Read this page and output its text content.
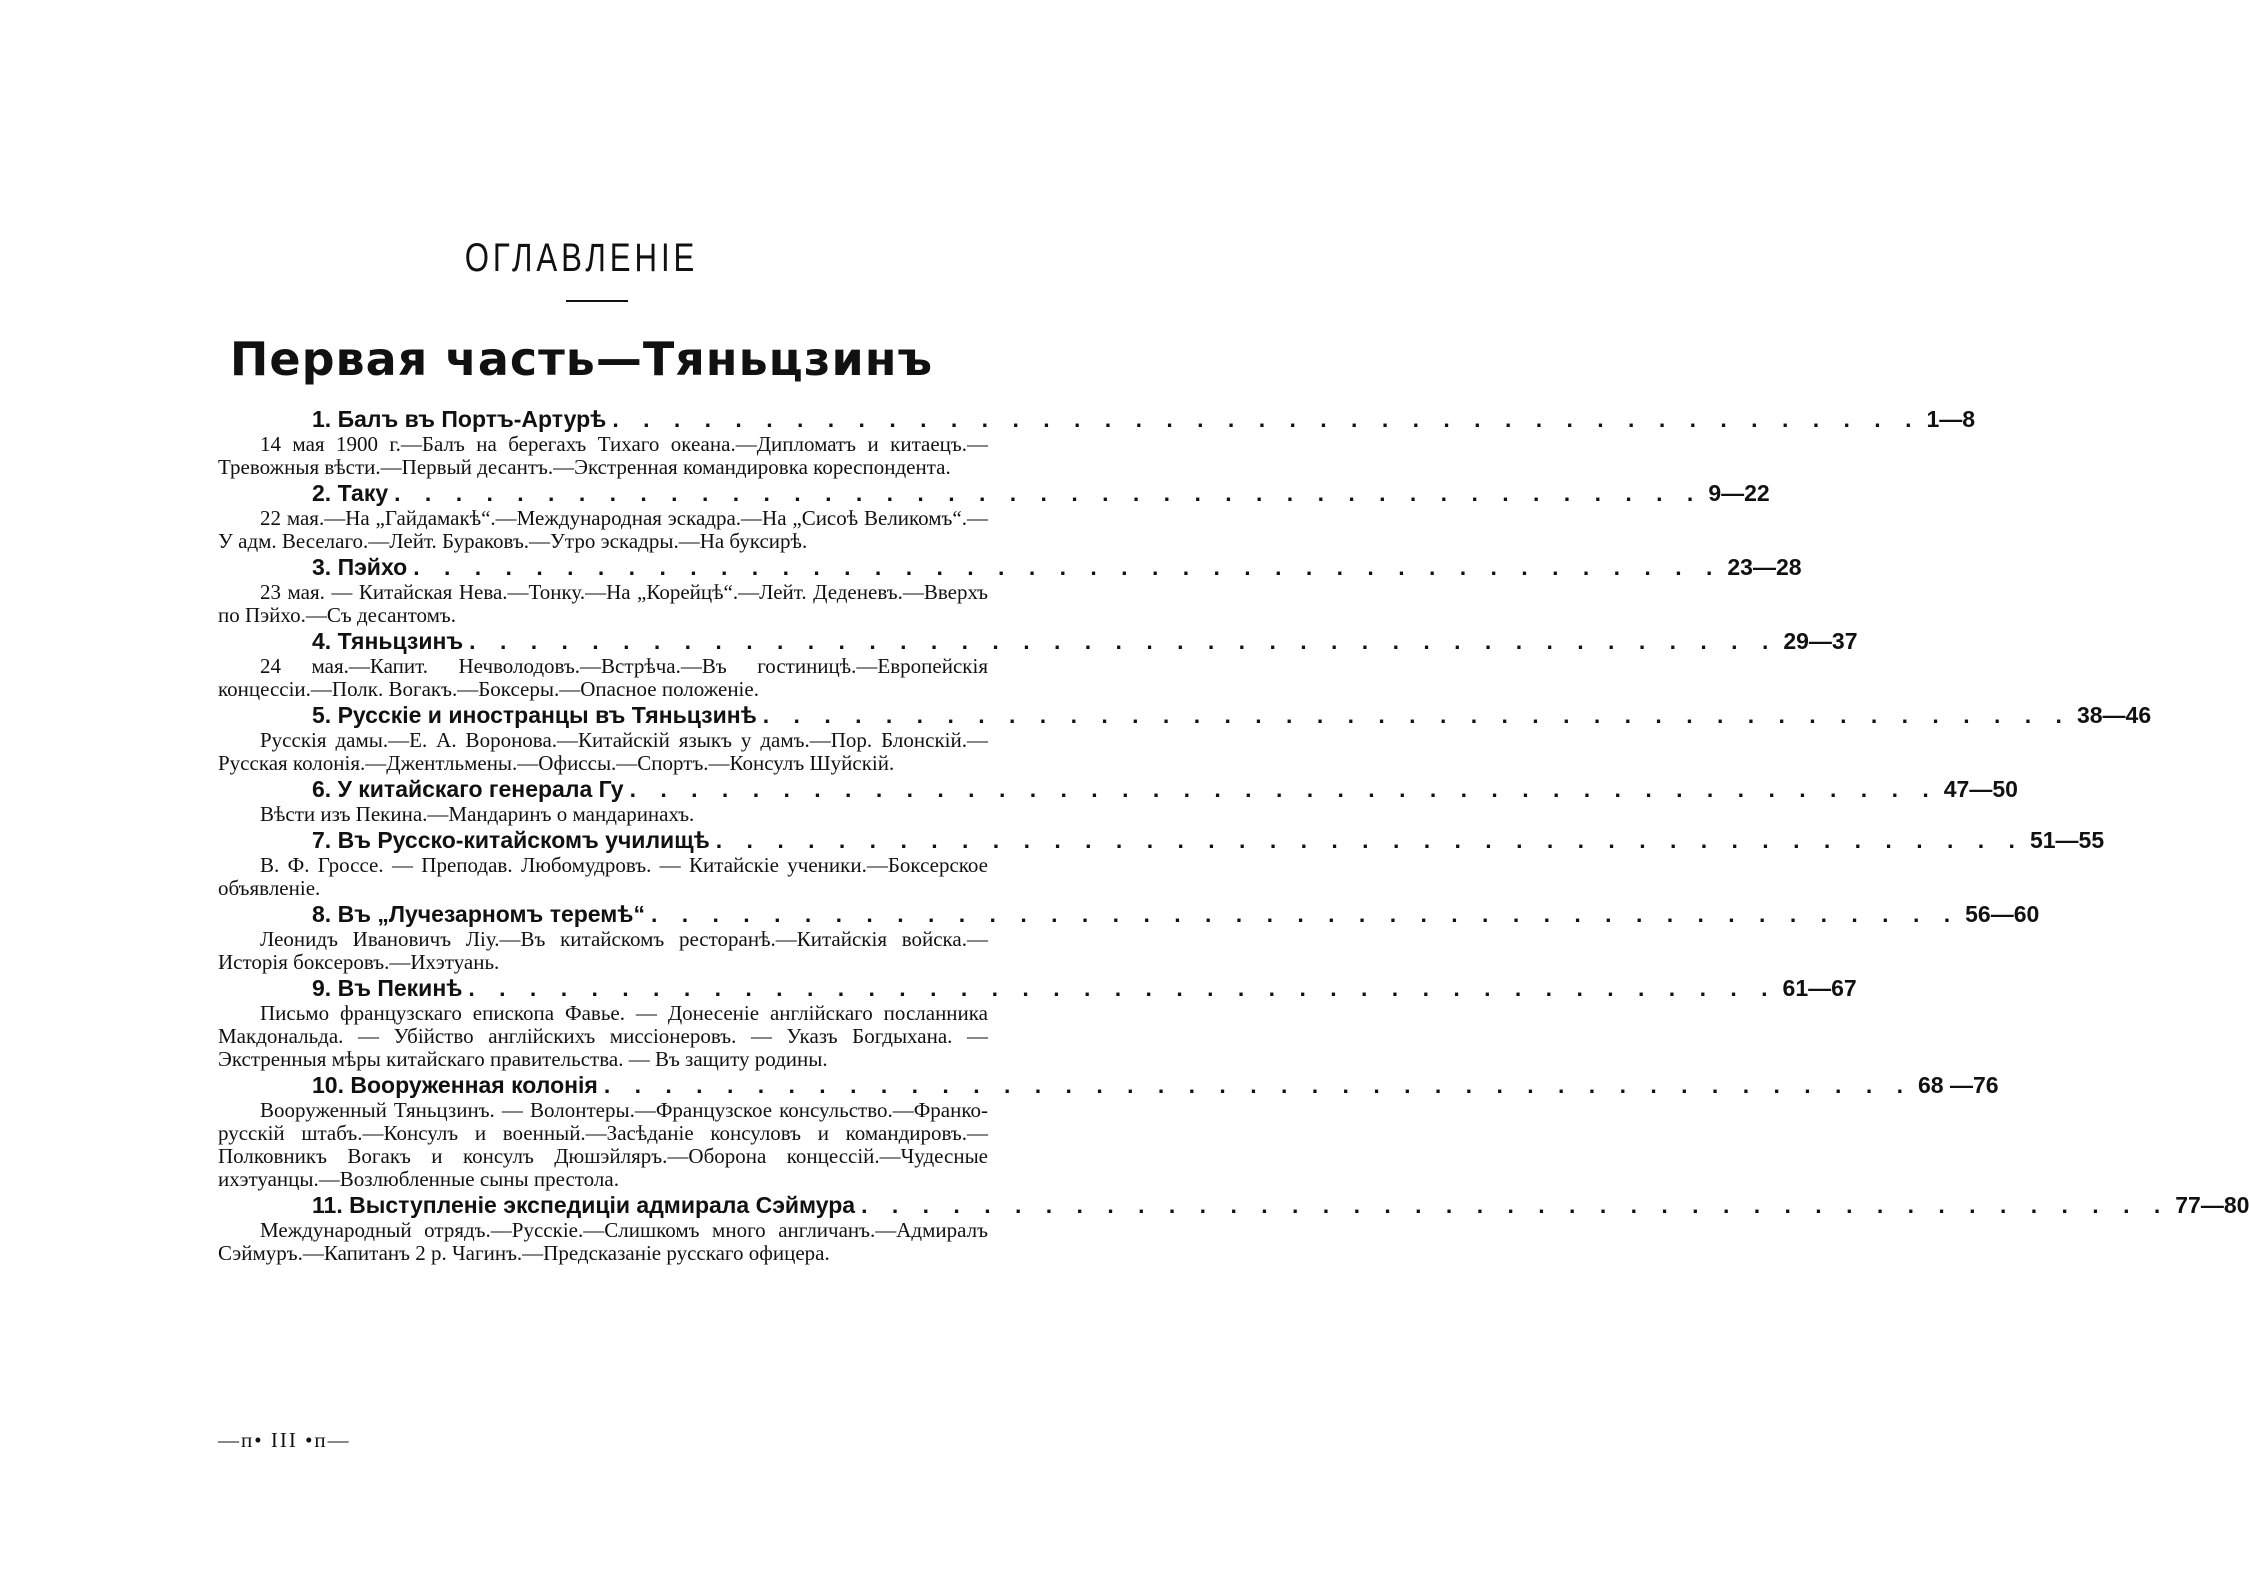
ОГЛАВЛЕНІЕ
Первая часть—Тяньцзинъ
1. Балъ въ Портъ-Артурѣ . . . . . . . . . . . . . . . . . . . . . . . . . . . . . . . . . . . . . . . . . . . 1—8

14 мая 1900 г.—Балъ на берегахъ Тихаго океана.—Дипломатъ и китаецъ.—Тревожныя вѣсти.—Первый десантъ.—Экстренная командировка кореспондента.

2. Таку . . . . . . . . . . . . . . . . . . . . . . . . . . . . . . . . . . . . . . . . . . . 9—22

22 мая.—На „Гайдамакѣ“.—Международная эскадра.—На „Сисоѣ Великомъ“.—У адм. Веселаго.—Лейт. Бураковъ.—Утро эскадры.—На буксирѣ.

3. Пэйхо . . . . . . . . . . . . . . . . . . . . . . . . . . . . . . . . . . . . . . . . . . . 23—28

23 мая. — Китайская Нева.—Тонку.—На „Корейцѣ“.—Лейт. Деденевъ.—Вверхъ по Пэйхо.—Съ десантомъ.

4. Тяньцзинъ . . . . . . . . . . . . . . . . . . . . . . . . . . . . . . . . . . . . . . . . . . . 29—37

24 мая.—Капит. Нечволодовъ.—Встрѣча.—Въ гостиницѣ.—Европейскія концессіи.—Полк. Вогакъ.—Боксеры.—Опасное положеніе.

5. Русскіе и иностранцы въ Тяньцзинѣ . . . . . . . . . . . . . . . . . . . . . . . . . . . . . . . . . . . . . . . . . . . 38—46

Русскія дамы.—Е. А. Воронова.—Китайскій языкъ у дамъ.—Пор. Блонскій.—Русская колонія.—Джентльмены.—Офиссы.—Спортъ.—Консулъ Шуйскій.

6. У китайскаго генерала Гу . . . . . . . . . . . . . . . . . . . . . . . . . . . . . . . . . . . . . . . . . . . 47—50

Вѣсти изъ Пекина.—Мандаринъ о мандаринахъ.

7. Въ Русско-китайскомъ училищѣ . . . . . . . . . . . . . . . . . . . . . . . . . . . . . . . . . . . . . . . . . . . 51—55

В. Ф. Гроссе. — Преподав. Любомудровъ. — Китайскіе ученики.—Боксерское объявленіе.

8. Въ „Лучезарномъ теремѣ“ . . . . . . . . . . . . . . . . . . . . . . . . . . . . . . . . . . . . . . . . . . . 56—60

Леонидъ Ивановичъ Ліу.—Въ китайскомъ ресторанѣ.—Китайскія войска.—Исторія боксеровъ.—Ихэтуань.

9. Въ Пекинѣ . . . . . . . . . . . . . . . . . . . . . . . . . . . . . . . . . . . . . . . . . . . 61—67

Письмо французскаго епископа Фавье. — Донесеніе англійскаго посланника Макдональда. — Убійство англійскихъ миссіонеровъ. — Указъ Богдыхана. — Экстренныя мѣры китайскаго правительства. — Въ защиту родины.

10. Вооруженная колонія . . . . . . . . . . . . . . . . . . . . . . . . . . . . . . . . . . . . . . . . . . . 68 —76

Вооруженный Тяньцзинъ. — Волонтеры.—Французское консульство.—Франко-русскій штабъ.—Консулъ и военный.—Засѣданіе консуловъ и командировъ.—Полковникъ Вогакъ и консулъ Дюшэйляръ.—Оборона концессій.—Чудесные ихэтуанцы.—Возлюбленные сыны престола.

11. Выступленіе экспедиціи адмирала Сэймура . . . . . . . . . . . . . . . . . . . . . . . . . . . . . . . . . . . . . . . . . . . 77—80

Международный отрядъ.—Русскіе.—Слишкомъ много англичанъ.—Адмиралъ Сэймуръ.—Капитанъ 2 р. Чагинъ.—Предсказаніе русскаго офицера.

—п• III •п—
